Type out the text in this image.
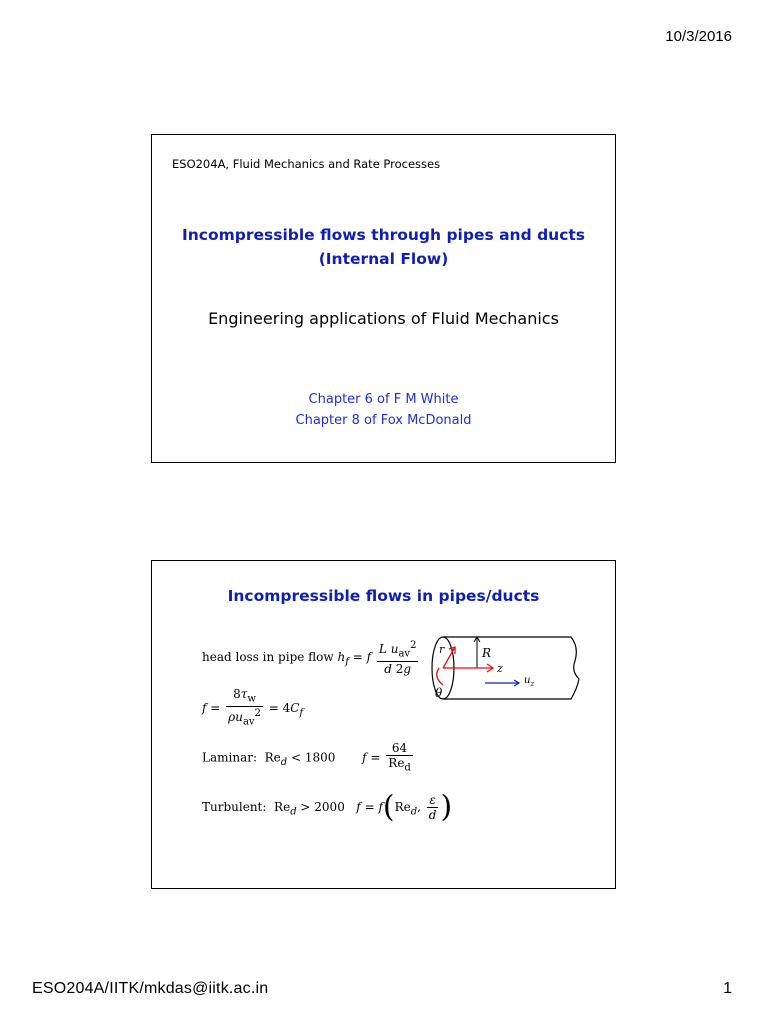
10/3/2016
ESO204A, Fluid Mechanics and Rate Processes
Incompressible flows through pipes and ducts
(Internal Flow)
Engineering applications of Fluid Mechanics
Chapter 6 of F M White
Chapter 8 of Fox McDonald
Incompressible flows in pipes/ducts
head loss in pipe flow $h_f = f \frac{L u_{av}^2}{d 2g}$
$f = \frac{8\tau_w}{\rho u_{av}^2} = 4C_f$
Laminar:  $Re_d < 1800$ $f = \frac{64}{Re_d}$
Turbulent:  $Re_d > 2000$ $f = f(Re_d$, $\frac{\varepsilon}{d}$ )
R
z
r
θ
$u_z$
ESO204A/IITK/mkdas@iitk.ac.in	1
